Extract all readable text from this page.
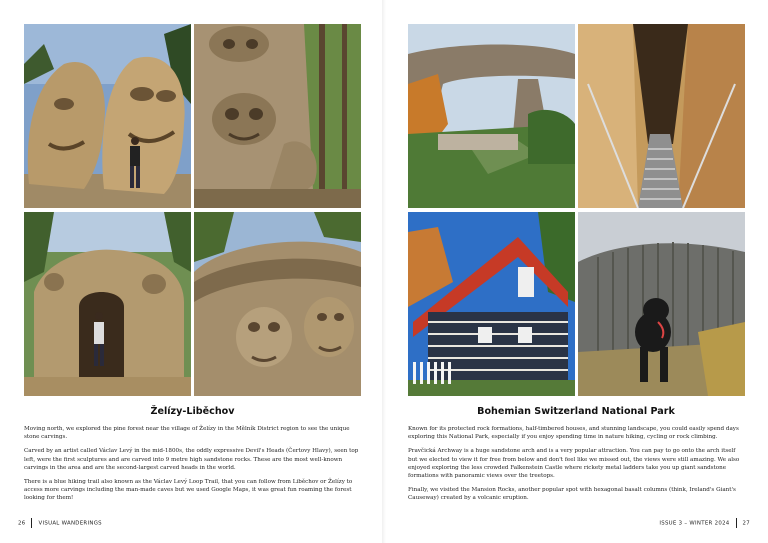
Želízy-Liběchov

Moving north, we explored the pine forest near the village of Želízy in the Mělník District region to see the unique stone carvings.

Carved by an artist called Václav Levý in the mid-1800s, the oddly expressive Devil's Heads (Čertovy Hlavy), seen top left, were the first sculptures and are carved into 9 metre high sandstone rocks. These are the most well-known carvings in the area and are the second-largest carved heads in the world.

There is a blue hiking trail also known as the Václav Levý Loop Trail, that you can follow from Liběchov or Želízy to access more carvings including the man-made caves but we used Google Maps, it was great fun roaming the forest looking for them!

26 VISUAL WANDERINGS
Bohemian Switzerland National Park

Known for its protected rock formations, half-timbered houses, and stunning landscape, you could easily spend days exploring this National Park, especially if you enjoy spending time in nature hiking, cycling or rock climbing.

Pravčická Archway is a huge sandstone arch and is a very popular attraction. You can pay to go onto the arch itself but we elected to view it for free from below and don't feel like we missed out, the views were still amazing. We also enjoyed exploring the less crowded Falkenstein Castle where rickety metal ladders take you up giant sandstone formations with panoramic views over the treetops.

Finally, we visited the Mansion Rocks, another popular spot with hexagonal basalt columns (think, Ireland's Giant's Causeway) created by a volcanic eruption.

ISSUE 3 – WINTER 2024 27
